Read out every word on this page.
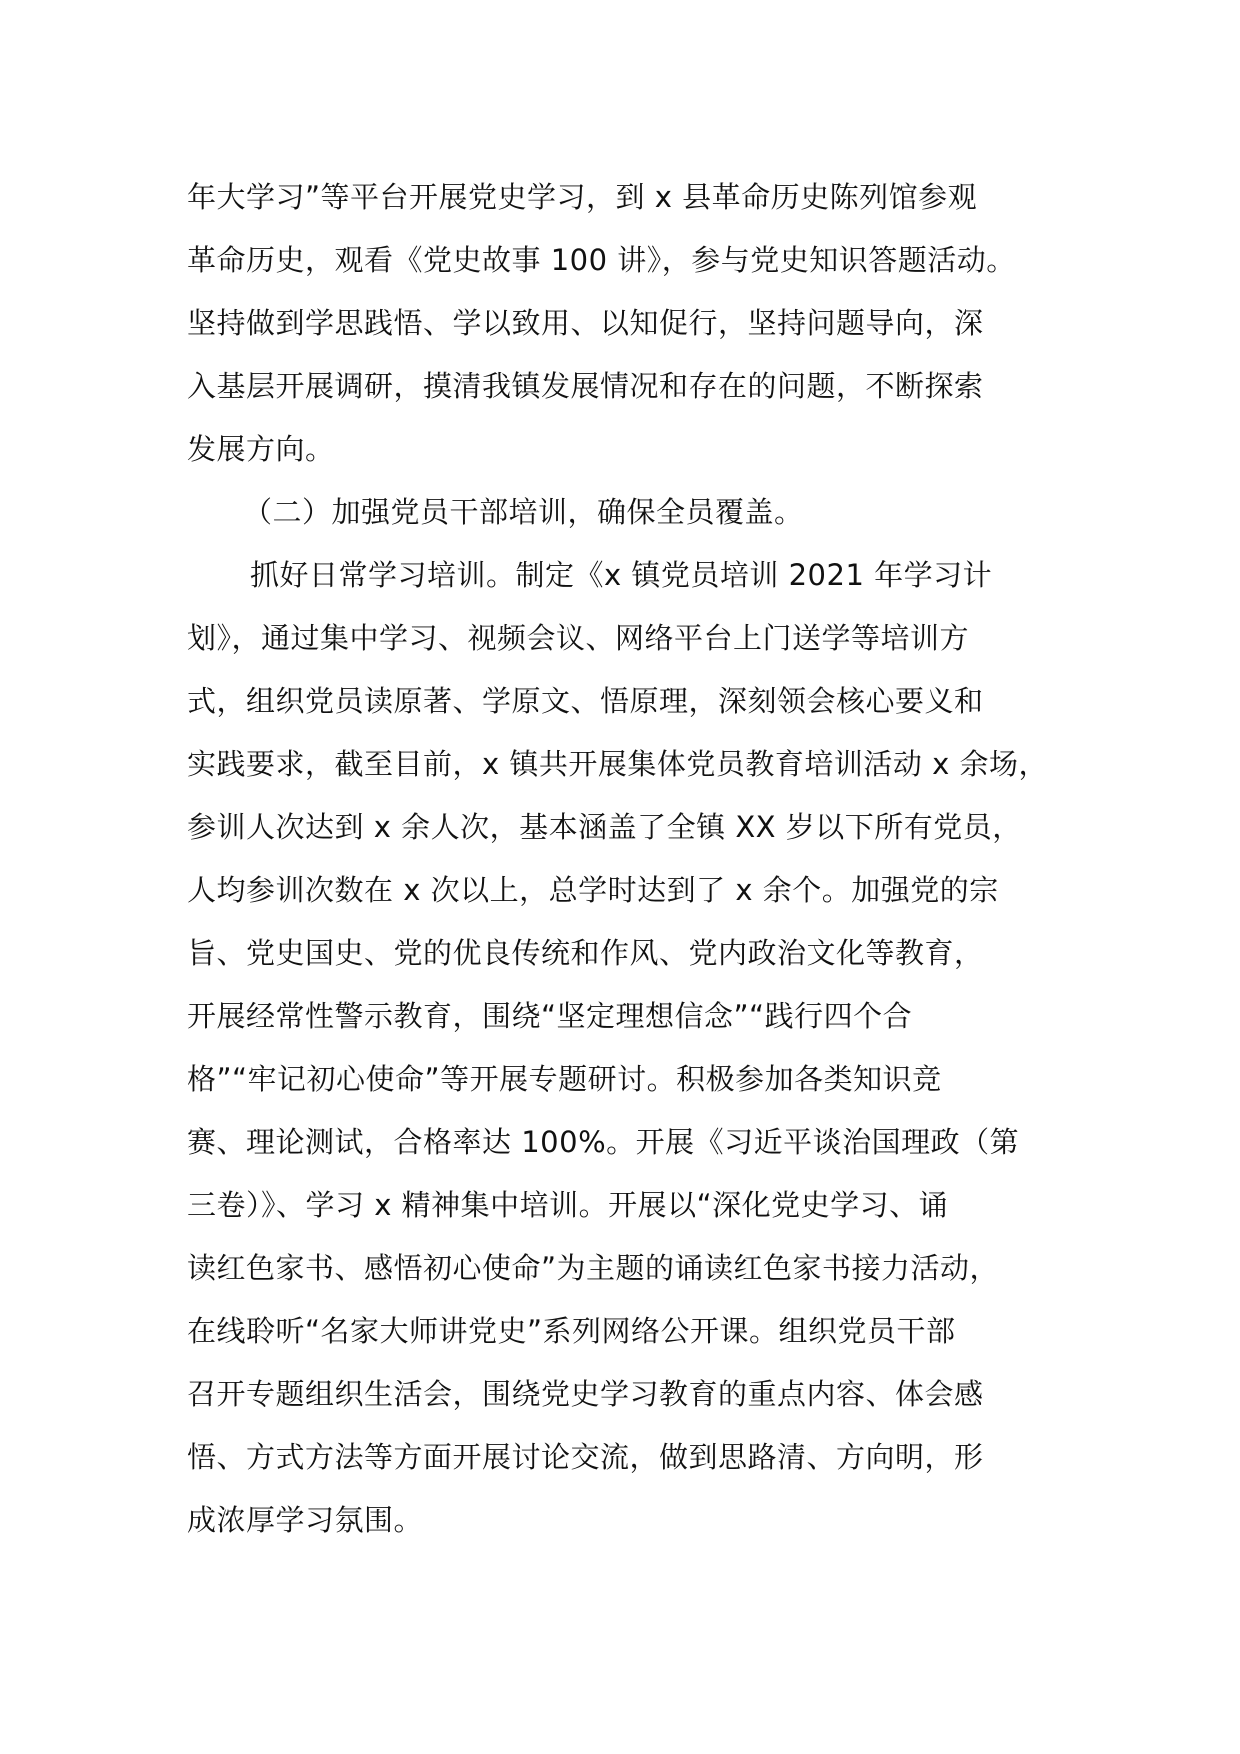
年大学习”等平台开展党史学习，到 x 县革命历史陈列馆参观
革命历史，观看《党史故事 100 讲》，参与党史知识答题活动。
坚持做到学思践悟、学以致用、以知促行，坚持问题导向，深
入基层开展调研，摸清我镇发展情况和存在的问题，不断探索
发展方向。
（二）加强党员干部培训，确保全员覆盖。
抓好日常学习培训。制定《x 镇党员培训 2021 年学习计
划》，通过集中学习、视频会议、网络平台上门送学等培训方
式，组织党员读原著、学原文、悟原理，深刻领会核心要义和
实践要求，截至目前，x 镇共开展集体党员教育培训活动 x 余场，
参训人次达到 x 余人次，基本涵盖了全镇 XX 岁以下所有党员，
人均参训次数在 x 次以上，总学时达到了 x 余个。加强党的宗
旨、党史国史、党的优良传统和作风、党内政治文化等教育，
开展经常性警示教育，围绕“坚定理想信念”“践行四个合
格”“牢记初心使命”等开展专题研讨。积极参加各类知识竞
赛、理论测试，合格率达 100%。开展《习近平谈治国理政（第
三卷）》、学习 x 精神集中培训。开展以“深化党史学习、诵
读红色家书、感悟初心使命”为主题的诵读红色家书接力活动，
在线聆听“名家大师讲党史”系列网络公开课。组织党员干部
召开专题组织生活会，围绕党史学习教育的重点内容、体会感
悟、方式方法等方面开展讨论交流，做到思路清、方向明，形
成浓厚学习氛围。
